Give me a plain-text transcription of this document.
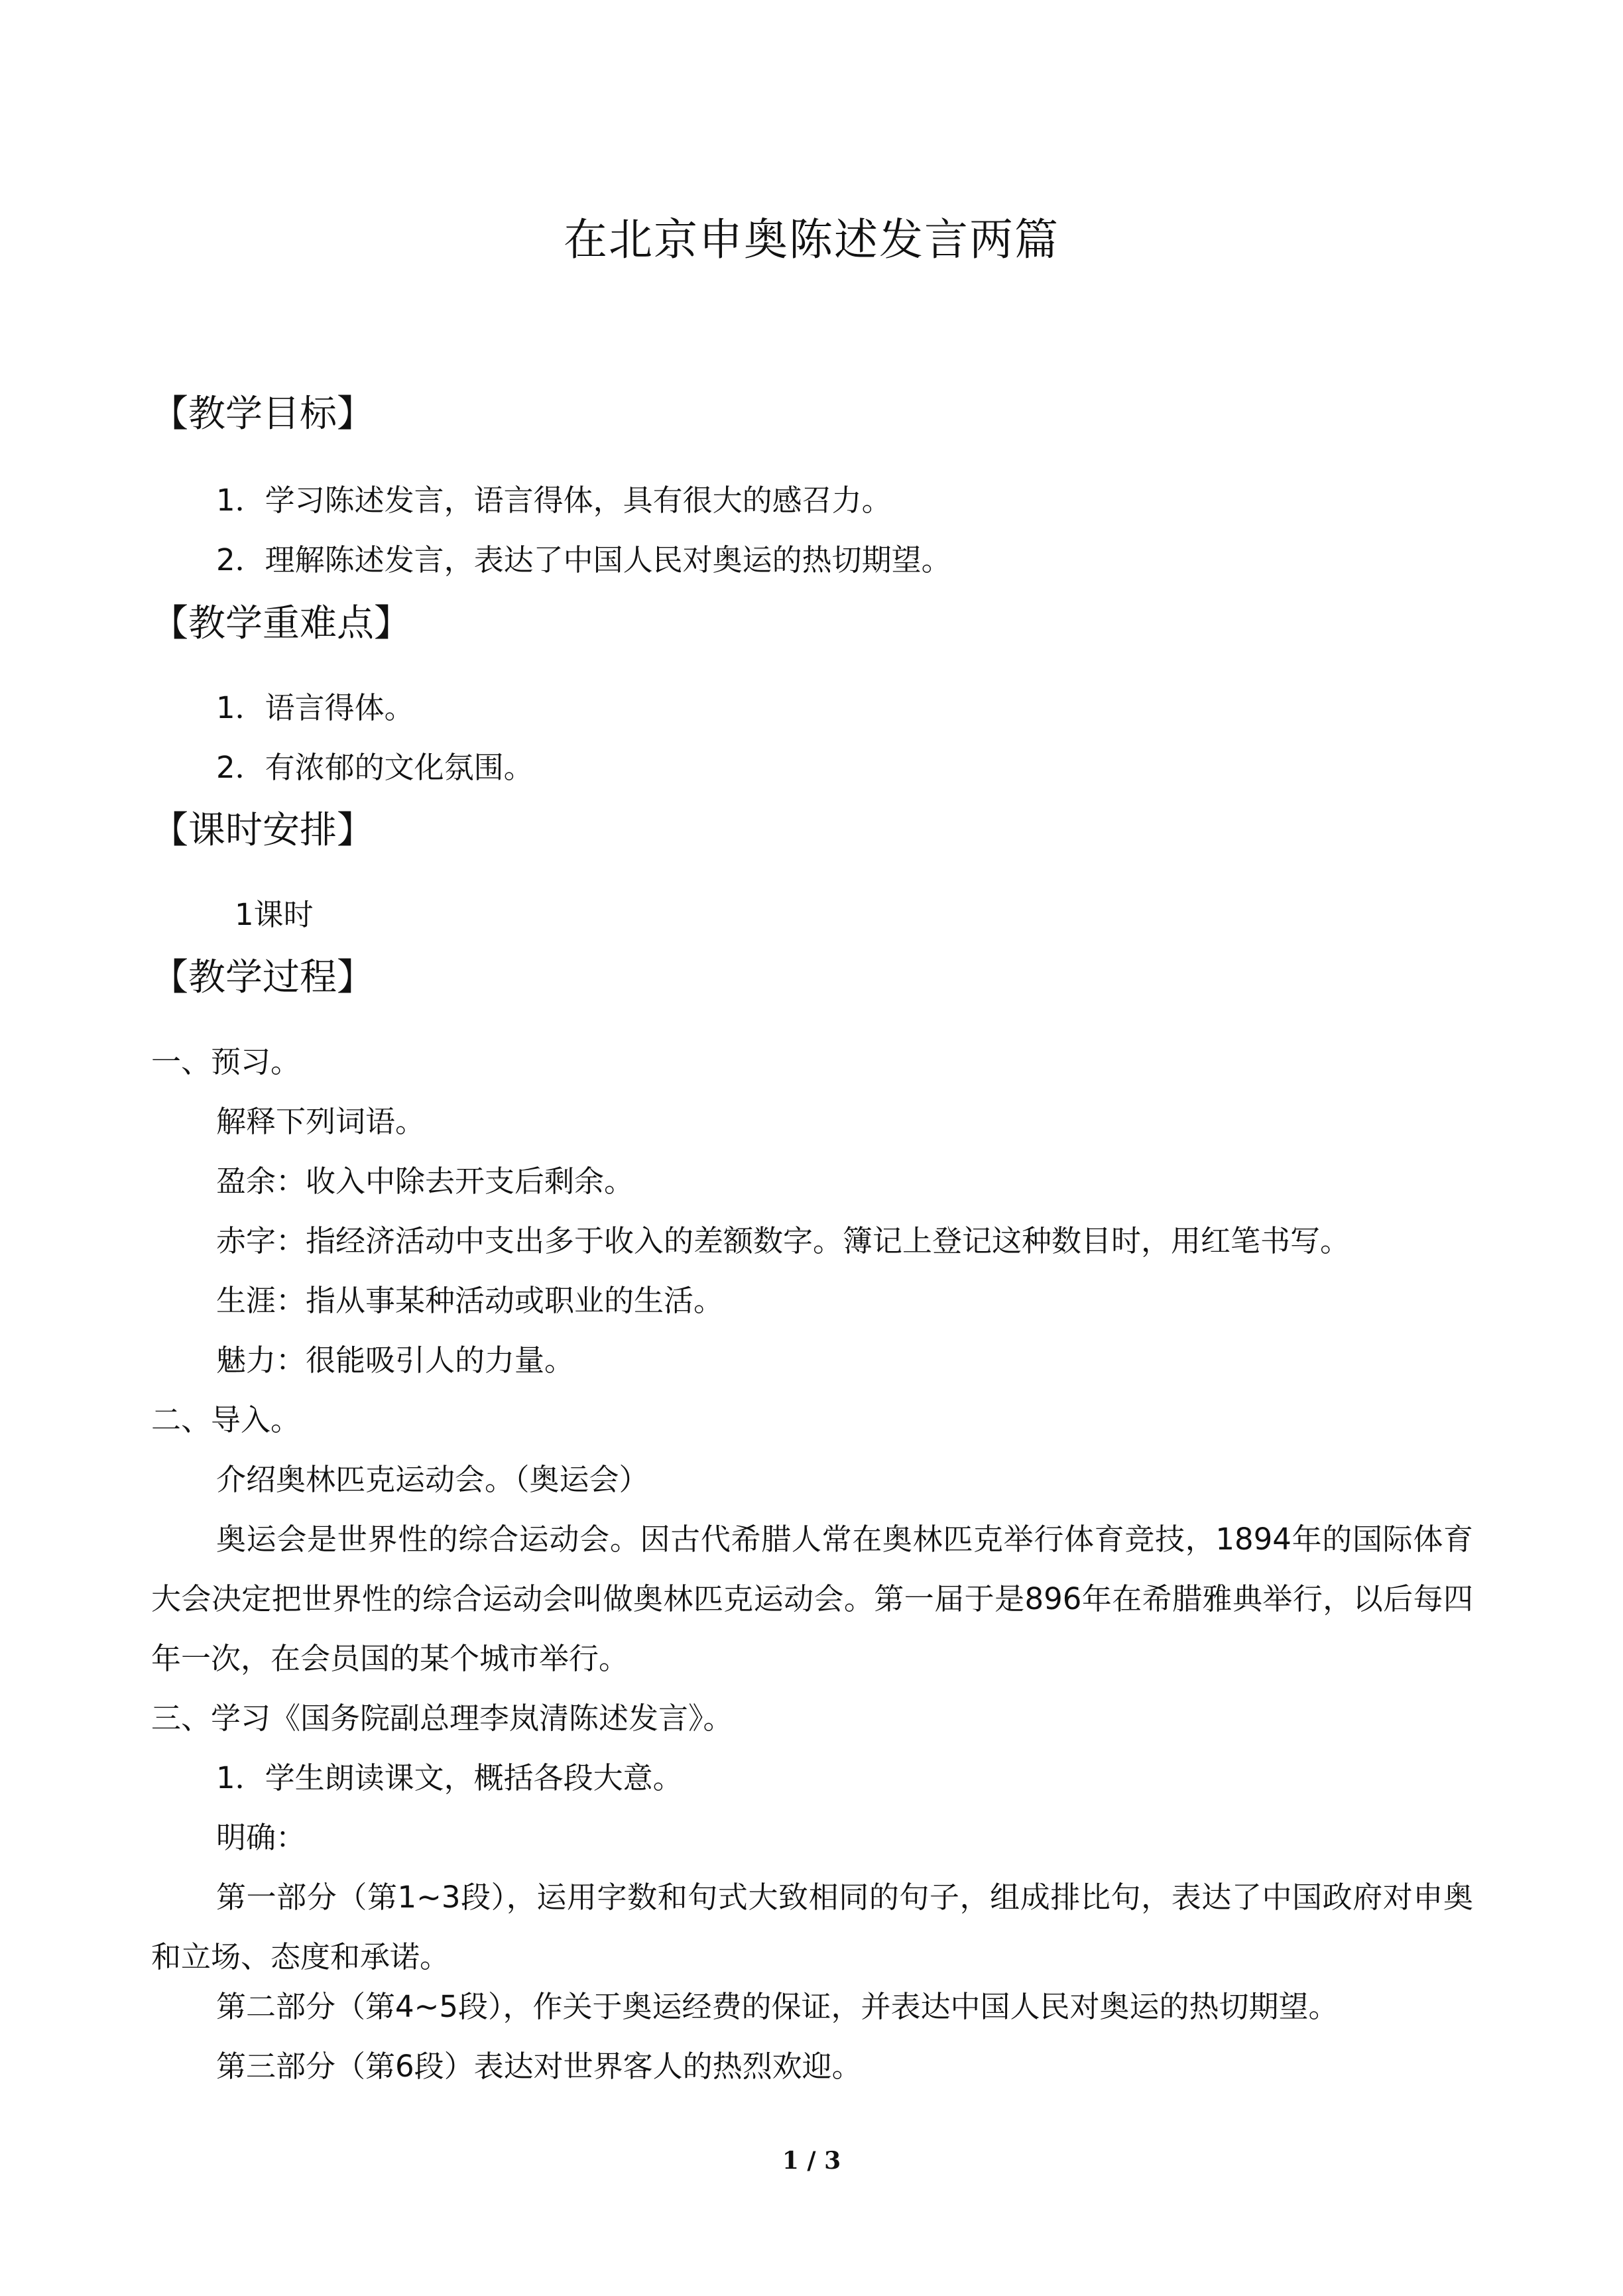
在北京申奥陈述发言两篇
【教学目标】
1．学习陈述发言，语言得体，具有很大的感召力。
2．理解陈述发言，表达了中国人民对奥运的热切期望。
【教学重难点】
1．语言得体。
2．有浓郁的文化氛围。
【课时安排】
1课时
【教学过程】
一、预习。
解释下列词语。
盈余：收入中除去开支后剩余。
赤字：指经济活动中支出多于收入的差额数字。簿记上登记这种数目时，用红笔书写。
生涯：指从事某种活动或职业的生活。
魅力：很能吸引人的力量。
二、导入。
介绍奥林匹克运动会。（奥运会）
奥运会是世界性的综合运动会。因古代希腊人常在奥林匹克举行体育竞技，1894年的国际体育大会决定把世界性的综合运动会叫做奥林匹克运动会。第一届于是896年在希腊雅典举行，以后每四年一次，在会员国的某个城市举行。
三、学习《国务院副总理李岚清陈述发言》。
1．学生朗读课文，概括各段大意。
明确：
第一部分（第1~3段），运用字数和句式大致相同的句子，组成排比句，表达了中国政府对申奥和立场、态度和承诺。
第二部分（第4~5段），作关于奥运经费的保证，并表达中国人民对奥运的热切期望。
第三部分（第6段）表达对世界客人的热烈欢迎。
1 / 3
